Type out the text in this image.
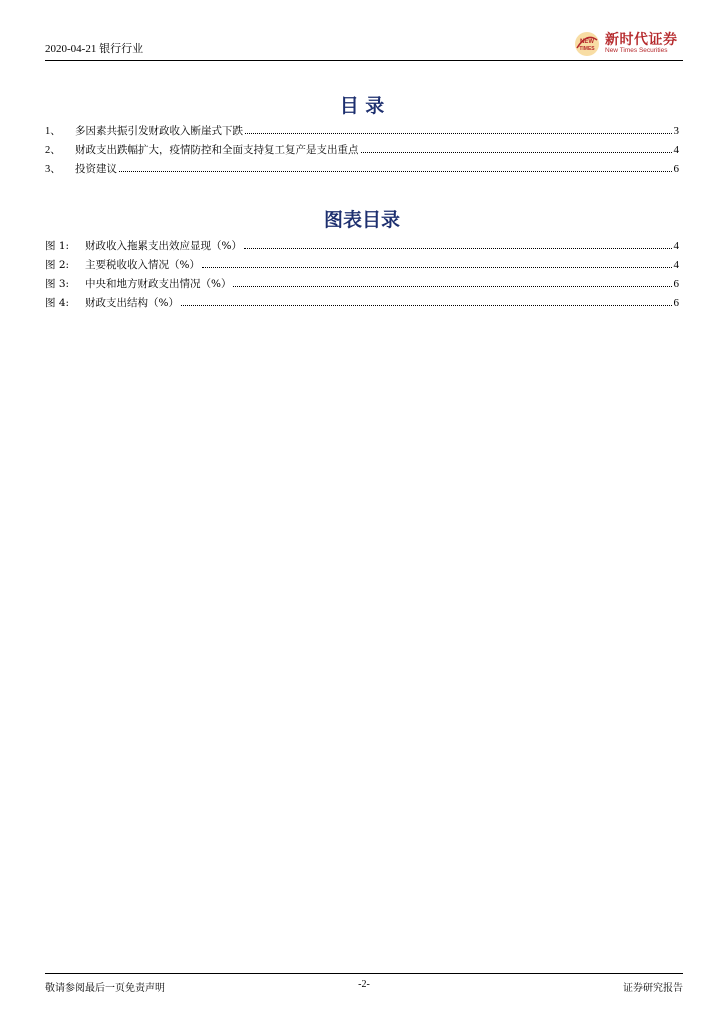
2020-04-21 银行行业
NEW
TIMES
新时代证券
New Times Securities
目 录
1、	多因素共振引发财政收入断崖式下跌	3
2、	财政支出跌幅扩大，疫情防控和全面支持复工复产是支出重点	4
3、	投资建议	6
图表目录
图 1:	财政收入拖累支出效应显现（%）	4
图 2:	主要税收收入情况（%）	4
图 3:	中央和地方财政支出情况（%）	6
图 4:	财政支出结构（%）	6
敬请参阅最后一页免责声明	-2-	证券研究报告
